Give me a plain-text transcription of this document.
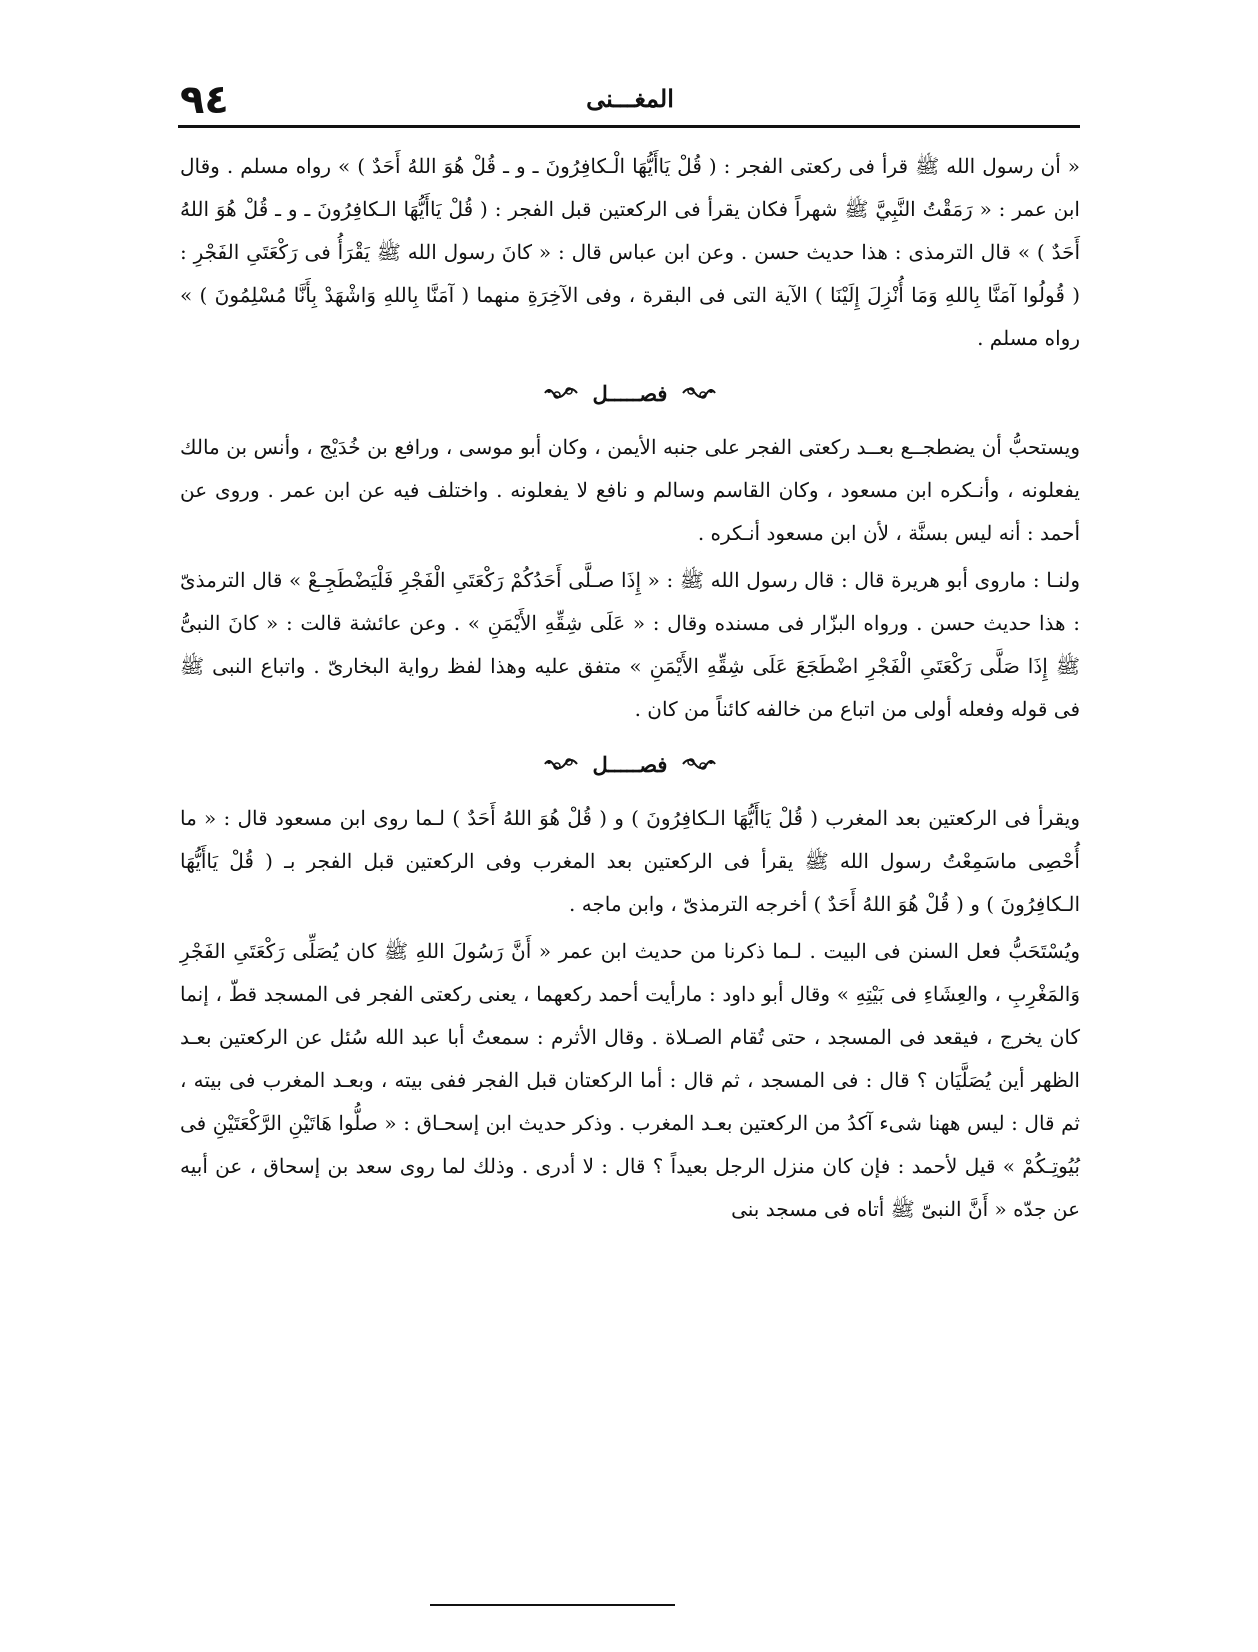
٩٤	المغـــنى

« أن رسول الله ﷺ قرأ فى ركعتى الفجر : ( قُلْ يَاأَيُّهَا الْـكافِرُونَ ـ و ـ قُلْ هُوَ اللهُ أَحَدٌ ) » رواه مسلم . وقال ابن عمر : « رَمَقْتُ النَّبِيَّ ﷺ شهراً فكان يقرأ فى الركعتين قبل الفجر : ( قُلْ يَاأَيُّهَا الـكافِرُونَ ـ و ـ قُلْ هُوَ اللهُ أَحَدٌ ) » قال الترمذى : هذا حديث حسن . وعن ابن عباس قال : « كانَ رسول الله ﷺ يَقْرَأُ فى رَكْعَتَىِ الفَجْرِ : ( قُولُوا آمَنَّا بِاللهِ وَمَا أُنْزِلَ إِلَيْنَا ) الآية التى فى البقرة ، وفى الآخِرَةِ منهما ( آمَنَّا بِاللهِ وَاشْهَدْ بِأَنَّا مُسْلِمُونَ ) » رواه مسلم .

فصـــــل

ويستحبُّ أن يضطجــع بعــد ركعتى الفجر على جنبه الأيمن ، وكان أبو موسى ، ورافع بن خُدَيْج ، وأنس بن مالك يفعلونه ، وأنـكره ابن مسعود ، وكان القاسم وسالم و نافع لا يفعلونه . واختلف فيه عن ابن عمر . وروى عن أحمد : أنه ليس بسنَّة ، لأن ابن مسعود أنـكره .

ولنـا : ماروى أبو هريرة قال : قال رسول الله ﷺ : « إِذَا صـلَّى أَحَدُكُمْ رَكْعَتَىِ الْفَجْرِ فَلْيَضْطَجِـعْ » قال الترمذىّ : هذا حديث حسن . ورواه البزّار فى مسنده وقال : « عَلَى شِقِّهِ الأَيْمَنِ » . وعن عائشة قالت : « كانَ النبىُّ ﷺ إِذَا صَلَّى رَكْعَتَىِ الْفَجْرِ اضْطَجَعَ عَلَى شِقِّهِ الأَيْمَنِ » متفق عليه وهذا لفظ رواية البخارىّ . واتباع النبى ﷺ فى قوله وفعله أولى من اتباع من خالفه كائناً من كان .

فصـــــل

ويقرأ فى الركعتين بعد المغرب ( قُلْ يَاأَيُّهَا الـكافِرُونَ ) و ( قُلْ هُوَ اللهُ أَحَدٌ ) لـما روى ابن مسعود قال : « ما أُحْصِى ماسَمِعْتُ رسول الله ﷺ يقرأ فى الركعتين بعد المغرب وفى الركعتين قبل الفجر بـ ( قُلْ يَاأَيُّهَا الـكافِرُونَ ) و ( قُلْ هُوَ اللهُ أَحَدٌ ) أخرجه الترمذىّ ، وابن ماجه .

ويُسْتَحَبُّ فعل السنن فى البيت . لـما ذكرنا من حديث ابن عمر « أَنَّ رَسُولَ اللهِ ﷺ كان يُصَلِّى رَكْعَتَىِ الفَجْرِ وَالمَغْرِبِ ، والعِشَاءِ فى بَيْتِهِ » وقال أبو داود : مارأيت أحمد ركعهما ، يعنى ركعتى الفجر فى المسجد قطّ ، إنما كان يخرج ، فيقعد فى المسجد ، حتى تُقام الصـلاة . وقال الأثرم : سمعتُ أبا عبد الله سُئل عن الركعتين بعـد الظهر أين يُصَلَّيَان ؟ قال : فى المسجد ، ثم قال : أما الركعتان قبل الفجر ففى بيته ، وبعـد المغرب فى بيته ، ثم قال : ليس ههنا شىء آكدُ من الركعتين بعـد المغرب . وذكر حديث ابن إسحـاق : « صلُّوا هَاتَيْنِ الرَّكْعَتَيْنِ فى بُيُوتِـكُمْ » قيل لأحمد : فإن كان منزل الرجل بعيداً ؟ قال : لا أدرى . وذلك لما روى سعد بن إسحاق ، عن أبيه عن جدّه « أَنَّ النبىّ ﷺ أتاه فى مسجد بنى
